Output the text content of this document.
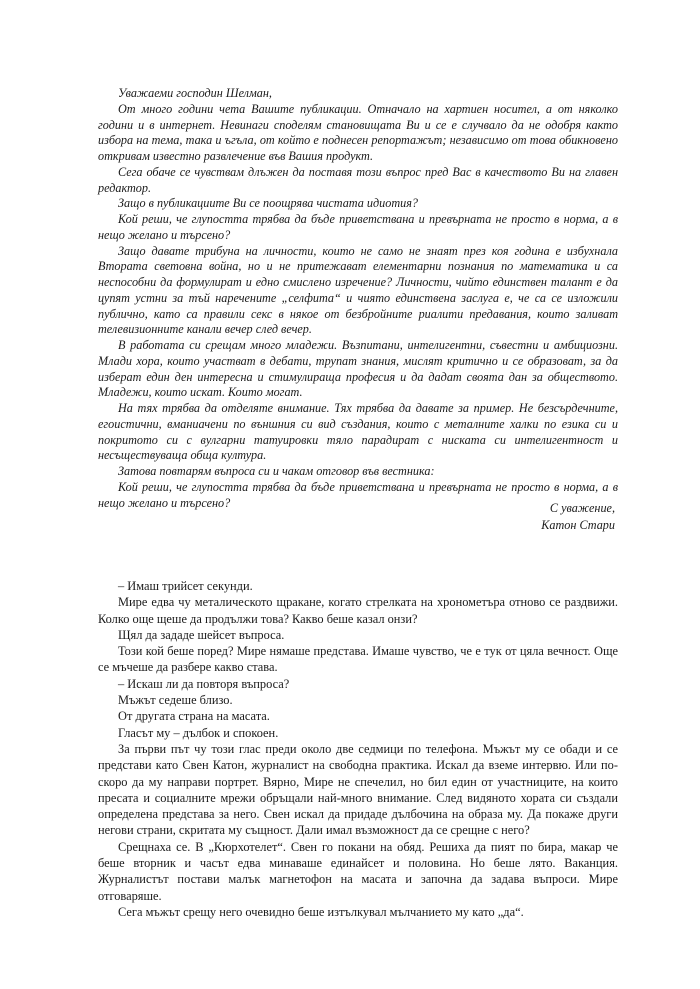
Уважаеми господин Шелман,

От много години чета Вашите публикации. Отначало на хартиен носител, а от няколко години и в интернет. Невинаги споделям становищата Ви и се е случвало да не одобря както избора на тема, така и ъгъла, от който е поднесен репортажът; независимо от това обикновено откривам известно развлечение във Вашия продукт.

Сега обаче се чувствам длъжен да поставя този въпрос пред Вас в качеството Ви на главен редактор.

Защо в публикациите Ви се поощрява чистата идиотия?

Кой реши, че глупостта трябва да бъде приветствана и превърната не просто в норма, а в нещо желано и търсено?

Защо давате трибуна на личности, които не само не знаят през коя година е избухнала Втората световна война, но и не притежават елементарни познания по математика и са неспособни да формулират и едно смислено изречение? Личности, чийто единствен талант е да цупят устни за тъй наречените „селфита“ и чиято единствена заслуга е, че са се изложили публично, като са правили секс в някое от безбройните риалити предавания, които заливат телевизионните канали вечер след вечер.

В работата си срещам много младежи. Възпитани, интелигентни, съвестни и амбициозни. Млади хора, които участват в дебати, трупат знания, мислят критично и се образоват, за да изберат един ден интересна и стимулираща професия и да дадат своята дан за обществото. Младежи, които искат. Които могат.

На тях трябва да отделяте внимание. Тях трябва да давате за пример. Не безсърдечните, егоистични, вманиачени по външния си вид създания, които с металните халки по езика си и покритото си с вулгарни татуировки тяло парадират с ниската си интелигентност и несъществуваща обща култура.

Затова повтарям въпроса си и чакам отговор във вестника:

Кой реши, че глупостта трябва да бъде приветствана и превърната не просто в норма, а в нещо желано и търсено?	С уважение,
Катон Стари

– Имаш трийсет секунди.

Мире едва чу металическото щракане, когато стрелката на хронометъра отново се раздвижи. Колко още щеше да продължи това? Какво беше казал онзи?

Щял да зададе шейсет въпроса.

Този кой беше поред? Мире нямаше представа. Имаше чувство, че е тук от цяла вечност. Още се мъчеше да разбере какво става.

– Искаш ли да повторя въпроса?

Мъжът седеше близо.

От другата страна на масата.

Гласът му – дълбок и спокоен.

За първи път чу този глас преди около две седмици по телефона. Мъжът му се обади и се представи като Свен Катон, журналист на свободна практика. Искал да вземе интервю. Или по-скоро да му направи портрет. Вярно, Мире не спечелил, но бил един от участниците, на които пресата и социалните мрежи обръщали най-много внимание. След видяното хората си създали определена представа за него. Свен искал да придаде дълбочина на образа му. Да покаже други негови страни, скритата му същност. Дали имал възможност да се срещне с него?

Срещнаха се. В „Кюрхотелет“. Свен го покани на обяд. Решиха да пият по бира, макар че беше вторник и часът едва минаваше единайсет и половина. Но беше лято. Ваканция. Журналистът постави малък магнетофон на масата и започна да задава въпроси. Мире отговаряше.

Сега мъжът срещу него очевидно беше изтълкувал мълчанието му като „да“.
